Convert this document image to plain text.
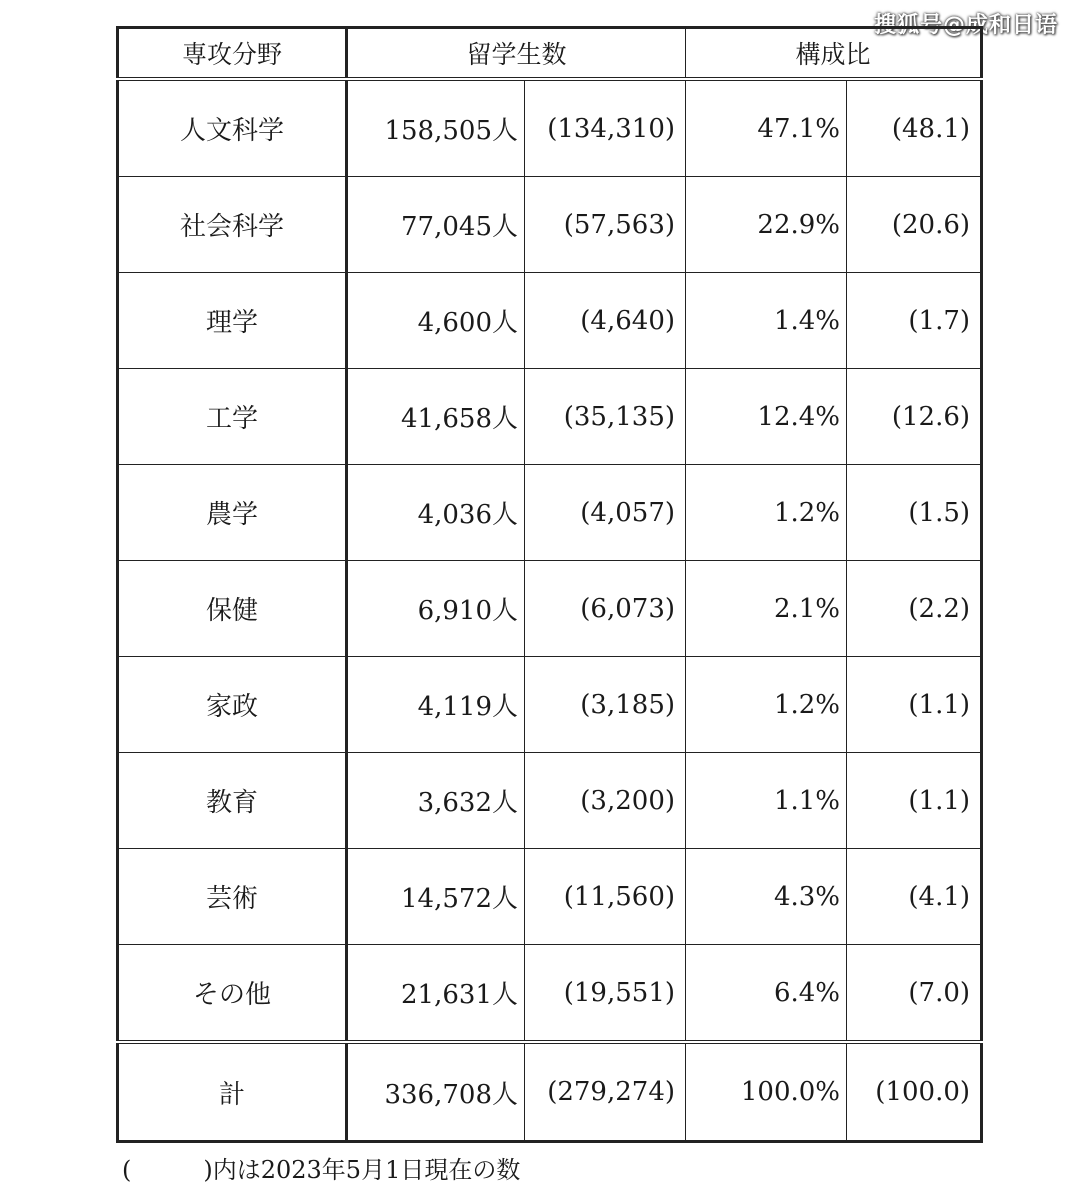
搜狐号@成和日语
専攻分野	留学生数		構成比	
人文科学	158,505人	(134,310)	47.1%	(48.1)
社会科学	77,045人	(57,563)	22.9%	(20.6)
理学	4,600人	(4,640)	1.4%	(1.7)
工学	41,658人	(35,135)	12.4%	(12.6)
農学	4,036人	(4,057)	1.2%	(1.5)
保健	6,910人	(6,073)	2.1%	(2.2)
家政	4,119人	(3,185)	1.2%	(1.1)
教育	3,632人	(3,200)	1.1%	(1.1)
芸術	14,572人	(11,560)	4.3%	(4.1)
その他	21,631人	(19,551)	6.4%	(7.0)
計	336,708人	(279,274)	100.0%	(100.0)
(　　　)内は2023年5月1日現在の数
